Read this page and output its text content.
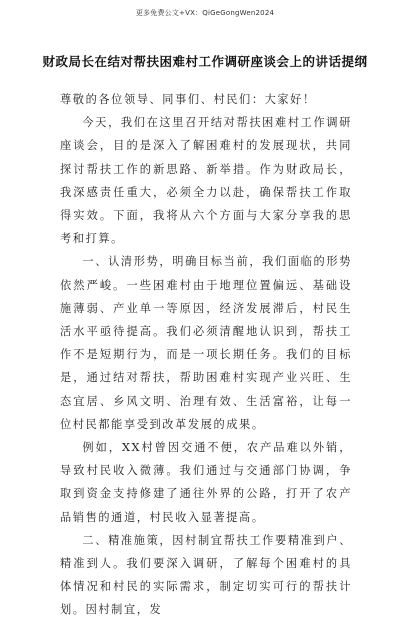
更多免费公文+VX：QiGeGongWen2024
财政局长在结对帮扶困难村工作调研座谈会上的讲话提纲

尊敬的各位领导、同事们、村民们：大家好！

今天，我们在这里召开结对帮扶困难村工作调研座谈会，目的是深入了解困难村的发展现状，共同探讨帮扶工作的新思路、新举措。作为财政局长，我深感责任重大，必须全力以赴，确保帮扶工作取得实效。下面，我将从六个方面与大家分享我的思考和打算。

一、认清形势，明确目标当前，我们面临的形势依然严峻。一些困难村由于地理位置偏远、基础设施薄弱、产业单一等原因，经济发展滞后，村民生活水平亟待提高。我们必须清醒地认识到，帮扶工作不是短期行为，而是一项长期任务。我们的目标是，通过结对帮扶，帮助困难村实现产业兴旺、生态宜居、乡风文明、治理有效、生活富裕，让每一位村民都能享受到改革发展的成果。

例如，XX村曾因交通不便，农产品难以外销，导致村民收入微薄。我们通过与交通部门协调，争取到资金支持修建了通往外界的公路，打开了农产品销售的通道，村民收入显著提高。

二、精准施策，因村制宜帮扶工作要精准到户、精准到人。我们要深入调研，了解每个困难村的具体情况和村民的实际需求，制定切实可行的帮扶计划。因村制宜，发
